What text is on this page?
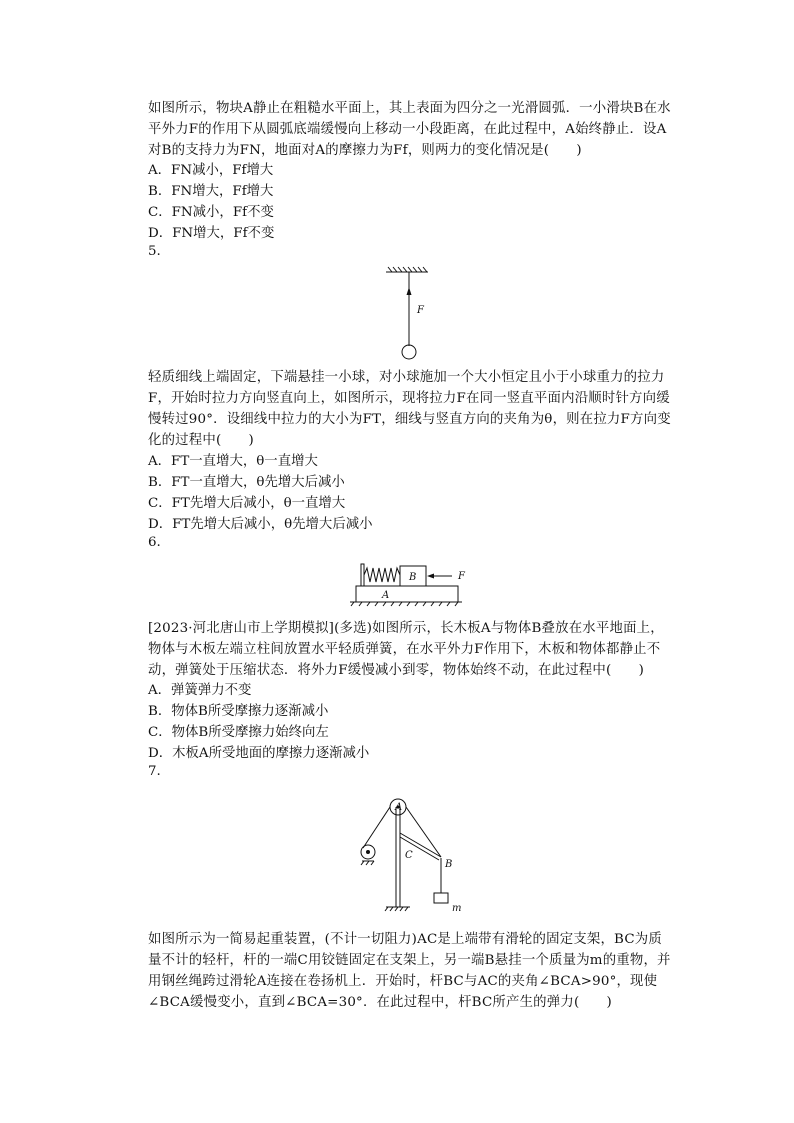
如图所示，物块A静止在粗糙水平面上，其上表面为四分之一光滑圆弧．一小滑块B在水平外力F的作用下从圆弧底端缓慢向上移动一小段距离，在此过程中，A始终静止．设A对B的支持力为FN，地面对A的摩擦力为Ff，则两力的变化情况是(　　)
A．FN减小，Ff增大
B．FN增大，Ff增大
C．FN减小，Ff不变
D．FN增大，Ff不变
5.
F
轻质细线上端固定，下端悬挂一小球，对小球施加一个大小恒定且小于小球重力的拉力F，开始时拉力方向竖直向上，如图所示，现将拉力F在同一竖直平面内沿顺时针方向缓慢转过90°．设细线中拉力的大小为FT，细线与竖直方向的夹角为θ，则在拉力F方向变化的过程中(　　)
A．FT一直增大，θ一直增大
B．FT一直增大，θ先增大后减小
C．FT先增大后减小，θ一直增大
D．FT先增大后减小，θ先增大后减小
6.
A
B	F
[2023·河北唐山市上学期模拟](多选)如图所示，长木板A与物体B叠放在水平地面上，物体与木板左端立柱间放置水平轻质弹簧，在水平外力F作用下，木板和物体都静止不动，弹簧处于压缩状态．将外力F缓慢减小到零，物体始终不动，在此过程中(　　)
A．弹簧弹力不变
B．物体B所受摩擦力逐渐减小
C．物体B所受摩擦力始终向左
D．木板A所受地面的摩擦力逐渐减小
7.
A
C
B
m
如图所示为一简易起重装置，(不计一切阻力)AC是上端带有滑轮的固定支架，BC为质量不计的轻杆，杆的一端C用铰链固定在支架上，另一端B悬挂一个质量为m的重物，并用钢丝绳跨过滑轮A连接在卷扬机上．开始时，杆BC与AC的夹角∠BCA>90°，现使∠BCA缓慢变小，直到∠BCA=30°．在此过程中，杆BC所产生的弹力(　　)
